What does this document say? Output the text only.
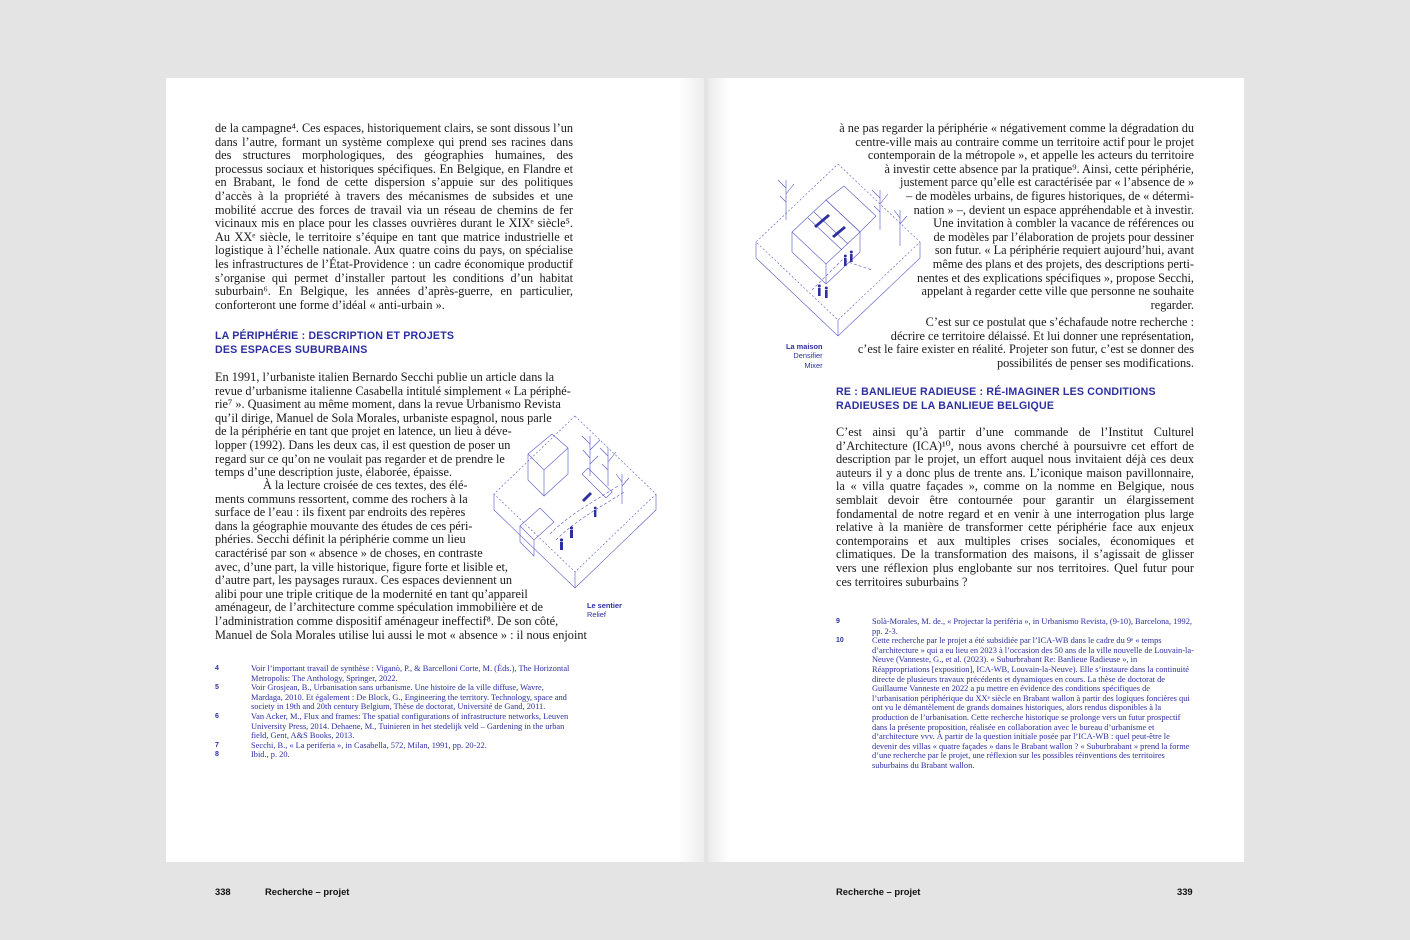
de la campagne⁴. Ces espaces, historiquement clairs, se sont dissous l’un dans l’autre, formant un système complexe qui prend ses racines dans des structures morphologiques, des géographies humaines, des processus sociaux et historiques spécifiques. En Belgique, en Flandre et en Brabant, le fond de cette dispersion s’appuie sur des politiques d’accès à la propriété à travers des mécanismes de subsides et une mobilité accrue des forces de travail via un réseau de chemins de fer vicinaux mis en place pour les classes ouvrières durant le XIXᵉ siècle⁵. Au XXᵉ siècle, le territoire s’équipe en tant que matrice industrielle et logistique à l’échelle nationale. Aux quatre coins du pays, on spécialise les infrastructures de l’État-Providence : un cadre économique productif s’organise qui permet d’installer partout les conditions d’un habitat suburbain⁶. En Belgique, les années d’après-guerre, en particulier, conforteront une forme d’idéal « anti-urbain ».

LA PÉRIPHÉRIE : DESCRIPTION ET PROJETS
DES ESPACES SUBURBAINS
En 1991, l’urbaniste italien Bernardo Secchi publie un article dans la
revue d’urbanisme italienne Casabella intitulé simplement « La périphé-
rie⁷ ». Quasiment au même moment, dans la revue Urbanismo Revista
qu’il dirige, Manuel de Sola Morales, urbaniste espagnol, nous parle
de la périphérie en tant que projet en latence, un lieu à déve-
lopper (1992). Dans les deux cas, il est question de poser un
regard sur ce qu’on ne voulait pas regarder et de prendre le
temps d’une description juste, élaborée, épaisse.
À la lecture croisée de ces textes, des élé-
ments communs ressortent, comme des rochers à la
surface de l’eau : ils fixent par endroits des repères
dans la géographie mouvante des études de ces péri-
phéries. Secchi définit la périphérie comme un lieu
caractérisé par son « absence » de choses, en contraste
avec, d’une part, la ville historique, figure forte et lisible et,
d’autre part, les paysages ruraux. Ces espaces deviennent un
alibi pour une triple critique de la modernité en tant qu’appareil
aménageur, de l’architecture comme spéculation immobilière et de
l’administration comme dispositif aménageur ineffectif⁸. De son côté,
Manuel de Sola Morales utilise lui aussi le mot « absence » : il nous enjoint
Le sentier
Relief
4	Voir l’important travail de synthèse : Viganò, P., & Barcelloni Corte, M. (Éds.), The Horizontal Metropolis: The Anthology, Springer, 2022.
5	Voir Grosjean, B., Urbanisation sans urbanisme. Une histoire de la ville diffuse, Wavre, Mardaga, 2010. Et également : De Block, G., Engineering the territory. Technology, space and society in 19th and 20th century Belgium, Thèse de doctorat, Université de Gand, 2011.
6	Van Acker, M., Flux and frames: The spatial configurations of infrastructure networks, Leuven University Press, 2014. Dehaene, M., Tuinieren in het stedelijk veld – Gardening in the urban field, Gent, A&S Books, 2013.
7	Secchi, B., « La periferia », in Casabella, 572, Milan, 1991, pp. 20-22.
8	Ibid., p. 20.
338	Recherche – projet
à ne pas regarder la périphérie « négativement comme la dégradation du
centre-ville mais au contraire comme un territoire actif pour le projet
contemporain de la métropole », et appelle les acteurs du territoire
à investir cette absence par la pratique⁹. Ainsi, cette périphérie,
justement parce qu’elle est caractérisée par « l’absence de »
– de modèles urbains, de figures historiques, de « détermi-
nation » –, devient un espace appréhendable et à investir.
Une invitation à combler la vacance de références ou
de modèles par l’élaboration de projets pour dessiner
son futur. « La périphérie requiert aujourd’hui, avant
même des plans et des projets, des descriptions perti-
nentes et des explications spécifiques », propose Secchi,
appelant à regarder cette ville que personne ne souhaite
regarder.
C’est sur ce postulat que s’échafaude notre recherche :
décrire ce territoire délaissé. Et lui donner une représentation,
c’est le faire exister en réalité. Projeter son futur, c’est se donner des
possibilités de penser ses modifications.
La maison
Densifier
Mixer
RE : BANLIEUE RADIEUSE : RÉ-IMAGINER LES CONDITIONS
RADIEUSES DE LA BANLIEUE BELGIQUE

C’est ainsi qu’à partir d’une commande de l’Institut Culturel d’Architecture (ICA)¹⁰, nous avons cherché à poursuivre cet effort de description par le projet, un effort auquel nous invitaient déjà ces deux auteurs il y a donc plus de trente ans. L’iconique maison pavillonnaire, la « villa quatre façades », comme on la nomme en Belgique, nous semblait devoir être contournée pour garantir un élargissement fondamental de notre regard et en venir à une interrogation plus large relative à la manière de transformer cette périphérie face aux enjeux contemporains et aux multiples crises sociales, économiques et climatiques. De la transformation des maisons, il s’agissait de glisser vers une réflexion plus englobante sur nos territoires. Quel futur pour ces territoires suburbains ?

9	Solà-Morales, M. de., « Projectar la periféria », in Urbanismo Revista, (9-10), Barcelona, 1992, pp. 2-3.
10	Cette recherche par le projet a été subsidiée par l’ICA-WB dans le cadre du 9ᵉ « temps d’architecture » qui a eu lieu en 2023 à l’occasion des 50 ans de la ville nouvelle de Louvain-la-Neuve (Vanneste, G., et al. (2023). « Suburbrabant Re: Banlieue Radieuse », in Réappropriations [exposition], ICA-WB, Louvain-la-Neuve). Elle s’instaure dans la continuité directe de plusieurs travaux précédents et dynamiques en cours. La thèse de doctorat de Guillaume Vanneste en 2022 a pu mettre en évidence des conditions spécifiques de l’urbanisation périphérique du XXᵉ siècle en Brabant wallon à partir des logiques foncières qui ont vu le démantèlement de grands domaines historiques, alors rendus disponibles à la production de l’urbanisation. Cette recherche historique se prolonge vers un futur prospectif dans la présente proposition, réalisée en collaboration avec le bureau d’urbanisme et d’architecture vvv. À partir de la question initiale posée par l’ICA-WB : quel peut-être le devenir des villas « quatre façades » dans le Brabant wallon ? « Suburbrabant » prend la forme d’une recherche par le projet, une réflexion sur les possibles réinventions des territoires suburbains du Brabant wallon.
Recherche – projet	339
